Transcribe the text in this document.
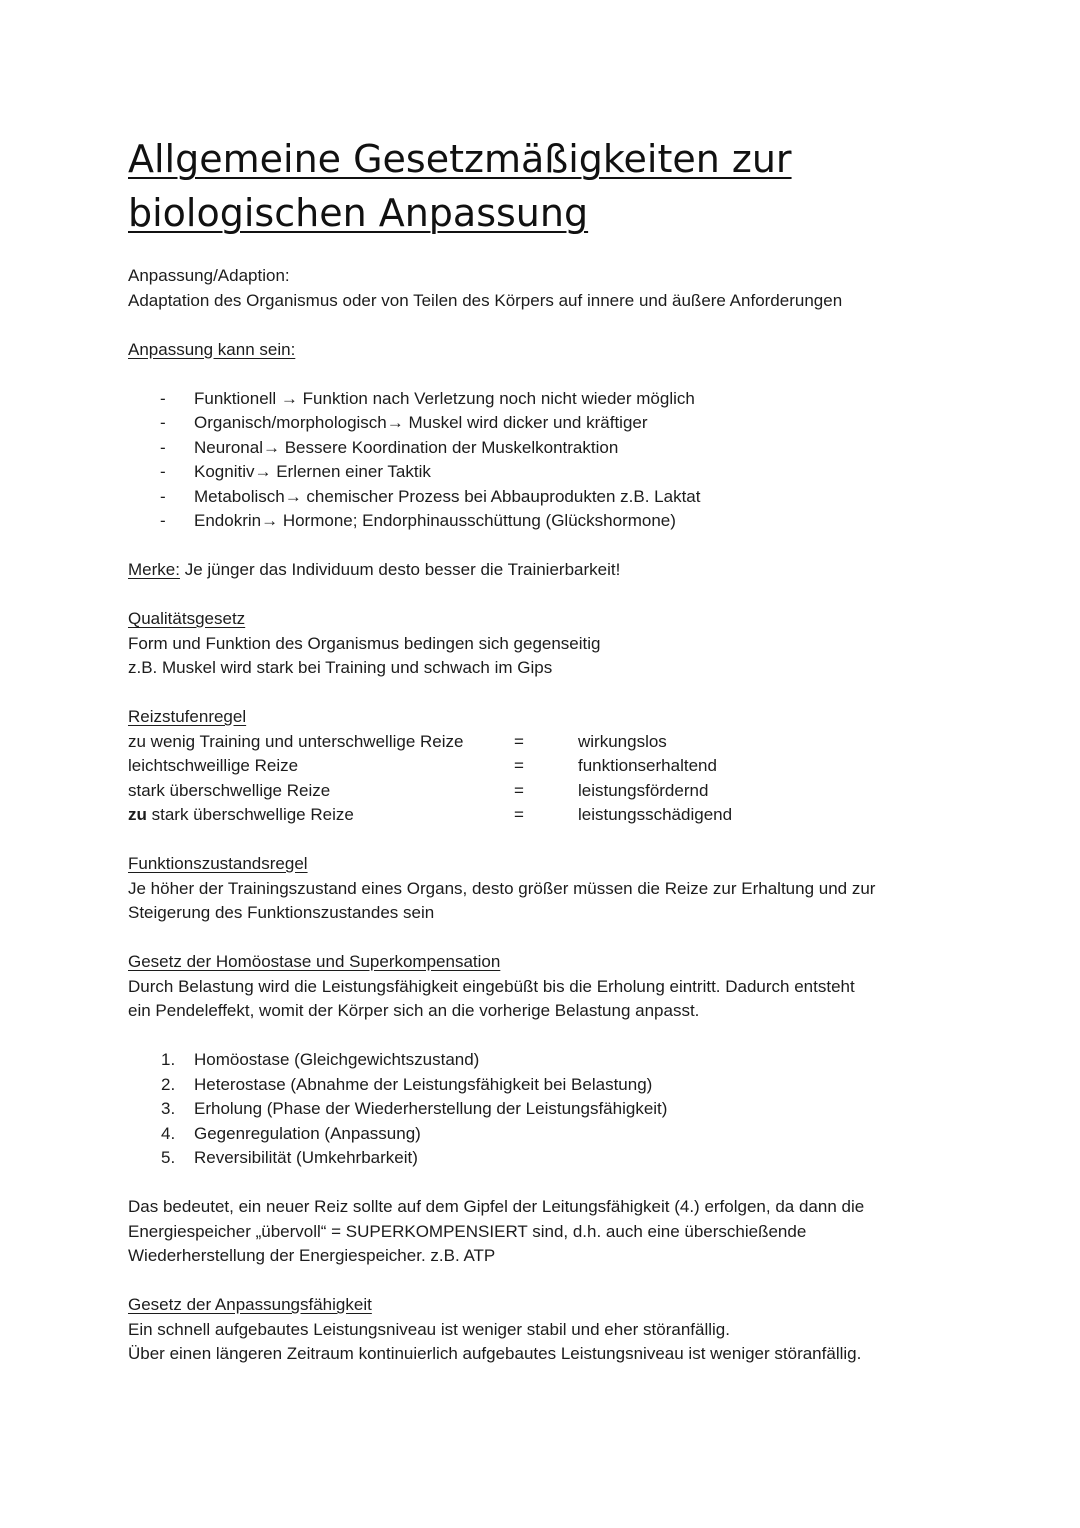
Allgemeine Gesetzmäßigkeiten zur
biologischen Anpassung

Anpassung/Adaption:

Adaptation des Organismus oder von Teilen des Körpers auf innere und äußere Anforderungen

Anpassung kann sein:

- Funktionell → Funktion nach Verletzung noch nicht wieder möglich
- Organisch/morphologisch→ Muskel wird dicker und kräftiger
- Neuronal→ Bessere Koordination der Muskelkontraktion
- Kognitiv→ Erlernen einer Taktik
- Metabolisch→ chemischer Prozess bei Abbauprodukten z.B. Laktat
- Endokrin→ Hormone; Endorphinausschüttung (Glückshormone)

Merke: Je jünger das Individuum desto besser die Trainierbarkeit!

Qualitätsgesetz

Form und Funktion des Organismus bedingen sich gegenseitig

z.B. Muskel wird stark bei Training und schwach im Gips

Reizstufenregel

zu wenig Training und unterschwellige Reize	=	wirkungslos
leichtschweillige Reize	=	funktionserhaltend
stark überschwellige Reize	=	leistungsfördernd
zu stark überschwellige Reize	=	leistungsschädigend

Funktionszustandsregel

Je höher der Trainingszustand eines Organs, desto größer müssen die Reize zur Erhaltung und zur

Steigerung des Funktionszustandes sein

Gesetz der Homöostase und Superkompensation

Durch Belastung wird die Leistungsfähigkeit eingebüßt bis die Erholung eintritt. Dadurch entsteht

ein Pendeleffekt, womit der Körper sich an die vorherige Belastung anpasst.

1. Homöostase (Gleichgewichtszustand)
2. Heterostase (Abnahme der Leistungsfähigkeit bei Belastung)
3. Erholung (Phase der Wiederherstellung der Leistungsfähigkeit)
4. Gegenregulation (Anpassung)
5. Reversibilität (Umkehrbarkeit)

Das bedeutet, ein neuer Reiz sollte auf dem Gipfel der Leitungsfähigkeit (4.) erfolgen, da dann die

Energiespeicher „übervoll“ = SUPERKOMPENSIERT sind, d.h. auch eine überschießende

Wiederherstellung der Energiespeicher. z.B. ATP

Gesetz der Anpassungsfähigkeit

Ein schnell aufgebautes Leistungsniveau ist weniger stabil und eher störanfällig.

Über einen längeren Zeitraum kontinuierlich aufgebautes Leistungsniveau ist weniger störanfällig.
